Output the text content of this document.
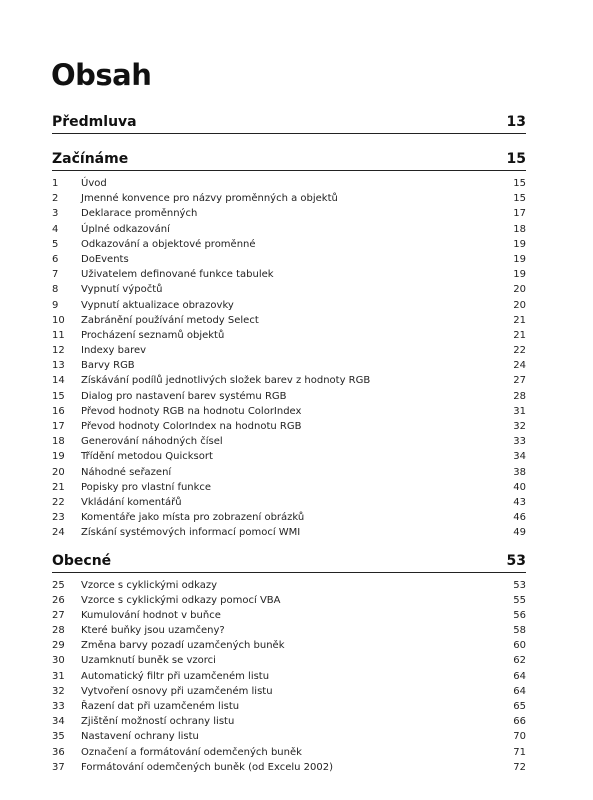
Obsah
Předmluva	13
Začínáme	15
1	Úvod	15
2	Jmenné konvence pro názvy proměnných a objektů	15
3	Deklarace proměnných	17
4	Úplné odkazování	18
5	Odkazování a objektové proměnné	19
6	DoEvents	19
7	Uživatelem definované funkce tabulek	19
8	Vypnutí výpočtů	20
9	Vypnutí aktualizace obrazovky	20
10	Zabránění používání metody Select	21
11	Procházení seznamů objektů	21
12	Indexy barev	22
13	Barvy RGB	24
14	Získávání podílů jednotlivých složek barev z hodnoty RGB	27
15	Dialog pro nastavení barev systému RGB	28
16	Převod hodnoty RGB na hodnotu ColorIndex	31
17	Převod hodnoty ColorIndex na hodnotu RGB	32
18	Generování náhodných čísel	33
19	Třídění metodou Quicksort	34
20	Náhodné seřazení	38
21	Popisky pro vlastní funkce	40
22	Vkládání komentářů	43
23	Komentáře jako místa pro zobrazení obrázků	46
24	Získání systémových informací pomocí WMI	49
Obecné	53
25	Vzorce s cyklickými odkazy	53
26	Vzorce s cyklickými odkazy pomocí VBA	55
27	Kumulování hodnot v buňce	56
28	Které buňky jsou uzamčeny?	58
29	Změna barvy pozadí uzamčených buněk	60
30	Uzamknutí buněk se vzorci	62
31	Automatický filtr při uzamčeném listu	64
32	Vytvoření osnovy při uzamčeném listu	64
33	Řazení dat při uzamčeném listu	65
34	Zjištění možností ochrany listu	66
35	Nastavení ochrany listu	70
36	Označení a formátování odemčených buněk	71
37	Formátování odemčených buněk (od Excelu 2002)	72
